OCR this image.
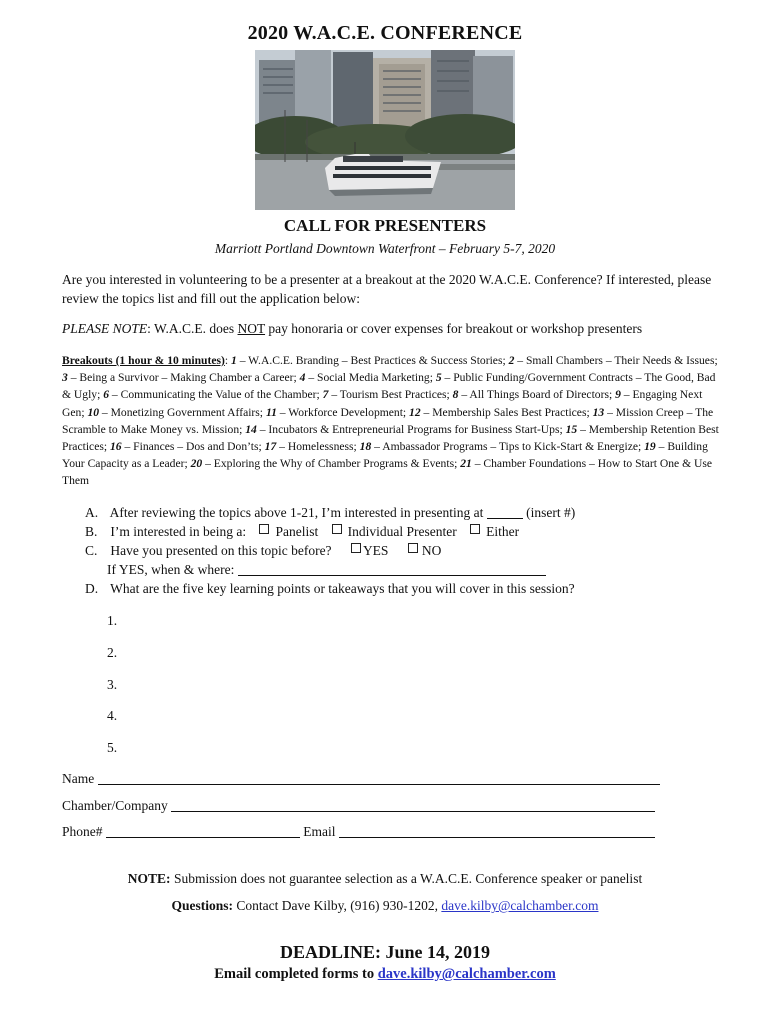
2020 W.A.C.E. CONFERENCE
CALL FOR PRESENTERS
Marriott Portland Downtown Waterfront – February 5-7, 2020
Are you interested in volunteering to be a presenter at a breakout at the 2020 W.A.C.E. Conference? If interested, please review the topics list and fill out the application below:
PLEASE NOTE: W.A.C.E. does NOT pay honoraria or cover expenses for breakout or workshop presenters
Breakouts (1 hour & 10 minutes): 1 – W.A.C.E. Branding – Best Practices & Success Stories; 2 – Small Chambers – Their Needs & Issues; 3 – Being a Survivor – Making Chamber a Career; 4 – Social Media Marketing; 5 – Public Funding/Government Contracts – The Good, Bad & Ugly; 6 – Communicating the Value of the Chamber; 7 – Tourism Best Practices; 8 – All Things Board of Directors; 9 – Engaging Next Gen; 10 – Monetizing Government Affairs; 11 – Workforce Development; 12 – Membership Sales Best Practices; 13 – Mission Creep – The Scramble to Make Money vs. Mission; 14 – Incubators & Entrepreneurial Programs for Business Start-Ups; 15 – Membership Retention Best Practices; 16 – Finances – Dos and Don’ts; 17 – Homelessness; 18 – Ambassador Programs – Tips to Kick-Start & Energize; 19 – Building Your Capacity as a Leader; 20 – Exploring the Why of Chamber Programs & Events; 21 – Chamber Foundations – How to Start One & Use Them
A. After reviewing the topics above 1-21, I’m interested in presenting at	(insert #)
B. I’m interested in being a: Panelist Individual Presenter Either
C. Have you presented on this topic before? YES NO
If YES, when & where:
D. What are the five key learning points or takeaways that you will cover in this session?
1.
2.
3.
4.
5.
Name
Chamber/Company
Phone#	Email
NOTE: Submission does not guarantee selection as a W.A.C.E. Conference speaker or panelist
Questions: Contact Dave Kilby, (916) 930-1202, dave.kilby@calchamber.com
DEADLINE: June 14, 2019
Email completed forms to dave.kilby@calchamber.com
